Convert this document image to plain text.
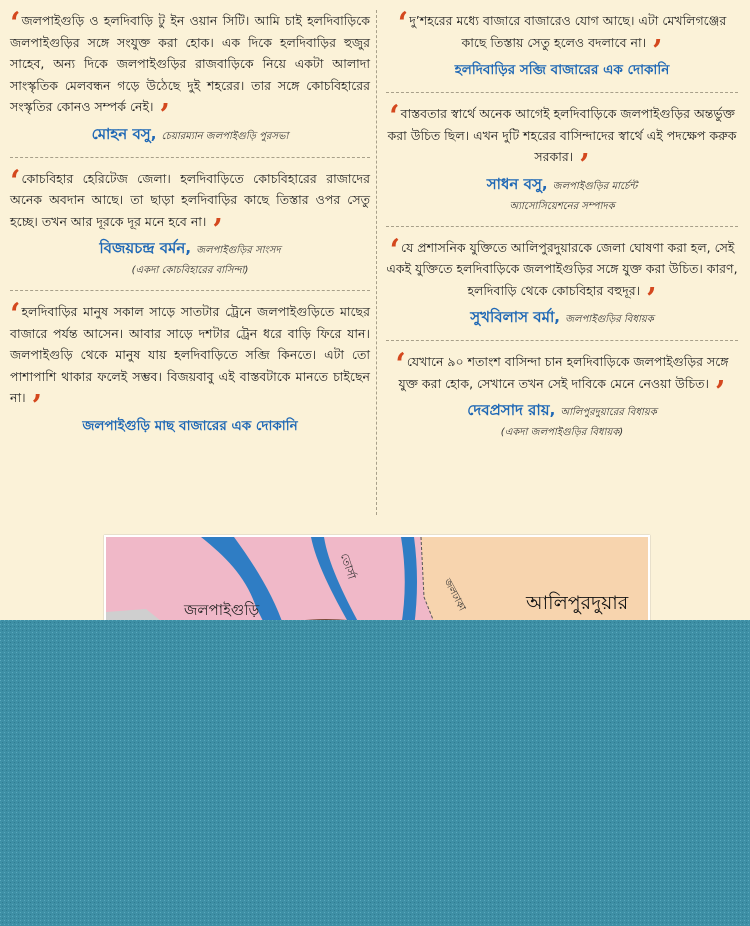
‘জলপাইগুড়ি ও হলদিবাড়ি টু ইন ওয়ান সিটি। আমি চাই হলদিবাড়িকে জলপাইগুড়ির সঙ্গে সংযুক্ত করা হোক। এক দিকে হলদিবাড়ির হুজুর সাহেব, অন্য দিকে জলপাইগুড়ির রাজবাড়িকে নিয়ে একটা আলাদা সাংস্কৃতিক মেলবন্ধন গড়ে উঠেছে দুই শহরের। তার সঙ্গে কোচবিহারের সংস্কৃতির কোনও সম্পর্ক নেই। ’
মোহন বসু, চেয়ারম্যান জলপাইগুড়ি পুরসভা
‘কোচবিহার হেরিটেজ জেলা। হলদিবাড়িতে কোচবিহারের রাজাদের অনেক অবদান আছে। তা ছাড়া হলদিবাড়ির কাছে তিস্তার ওপর সেতু হচ্ছে। তখন আর দূরকে দূর মনে হবে না। ’
বিজয়চন্দ্র বর্মন, জলপাইগুড়ির সাংসদ
(একদা কোচবিহারের বাসিন্দা)
‘হলদিবাড়ির মানুষ সকাল সাড়ে সাতটার ট্রেনে জলপাইগুড়িতে মাছের বাজারে পর্যন্ত আসেন। আবার সাড়ে দশটার ট্রেন ধরে বাড়ি ফিরে যান। জলপাইগুড়ি থেকে মানুষ যায় হলদিবাড়িতে সব্জি কিনতে। এটা তো পাশাপাশি থাকার ফলেই সম্ভব। বিজয়বাবু এই বাস্তবটাকে মানতে চাইছেন না। ’
জলপাইগুড়ি মাছ বাজারের এক দোকানি
‘দু’শহরের মধ্যে বাজারে বাজারেও যোগ আছে। এটা মেখলিগঞ্জের কাছে তিস্তায় সেতু হলেও বদলাবে না। ’
হলদিবাড়ির সব্জি বাজারের এক দোকানি
‘বাস্তবতার স্বার্থে অনেক আগেই হলদিবাড়িকে জলপাইগুড়ির অন্তর্ভুক্ত করা উচিত ছিল। এখন দুটি শহরের বাসিন্দাদের স্বার্থে এই পদক্ষেপ করুক সরকার। ’
সাধন বসু, জলপাইগুড়ির মার্চেন্ট
অ্যাসোসিয়েশনের সম্পাদক
‘যে প্রশাসনিক যুক্তিতে আলিপুরদুয়ারকে জেলা ঘোষণা করা হল, সেই একই যুক্তিতে হলদিবাড়িকে জলপাইগুড়ির সঙ্গে যুক্ত করা উচিত। কারণ, হলদিবাড়ি থেকে কোচবিহার বহুদূর। ’
সুখবিলাস বর্মা, জলপাইগুড়ির বিধায়ক
‘যেখানে ৯০ শতাংশ বাসিন্দা চান হলদিবাড়িকে জলপাইগুড়ির সঙ্গে যুক্ত করা হোক, সেখানে তখন সেই দাবিকে মেনে নেওয়া উচিত। ’
দেবপ্রসাদ রায়, আলিপুরদুয়ারের বিধায়ক
(একদা জলপাইগুড়ির বিধায়ক)
জলপাইগুড়ি	আলিপুরদুয়ার
তোর্সা
জলঢাকা
